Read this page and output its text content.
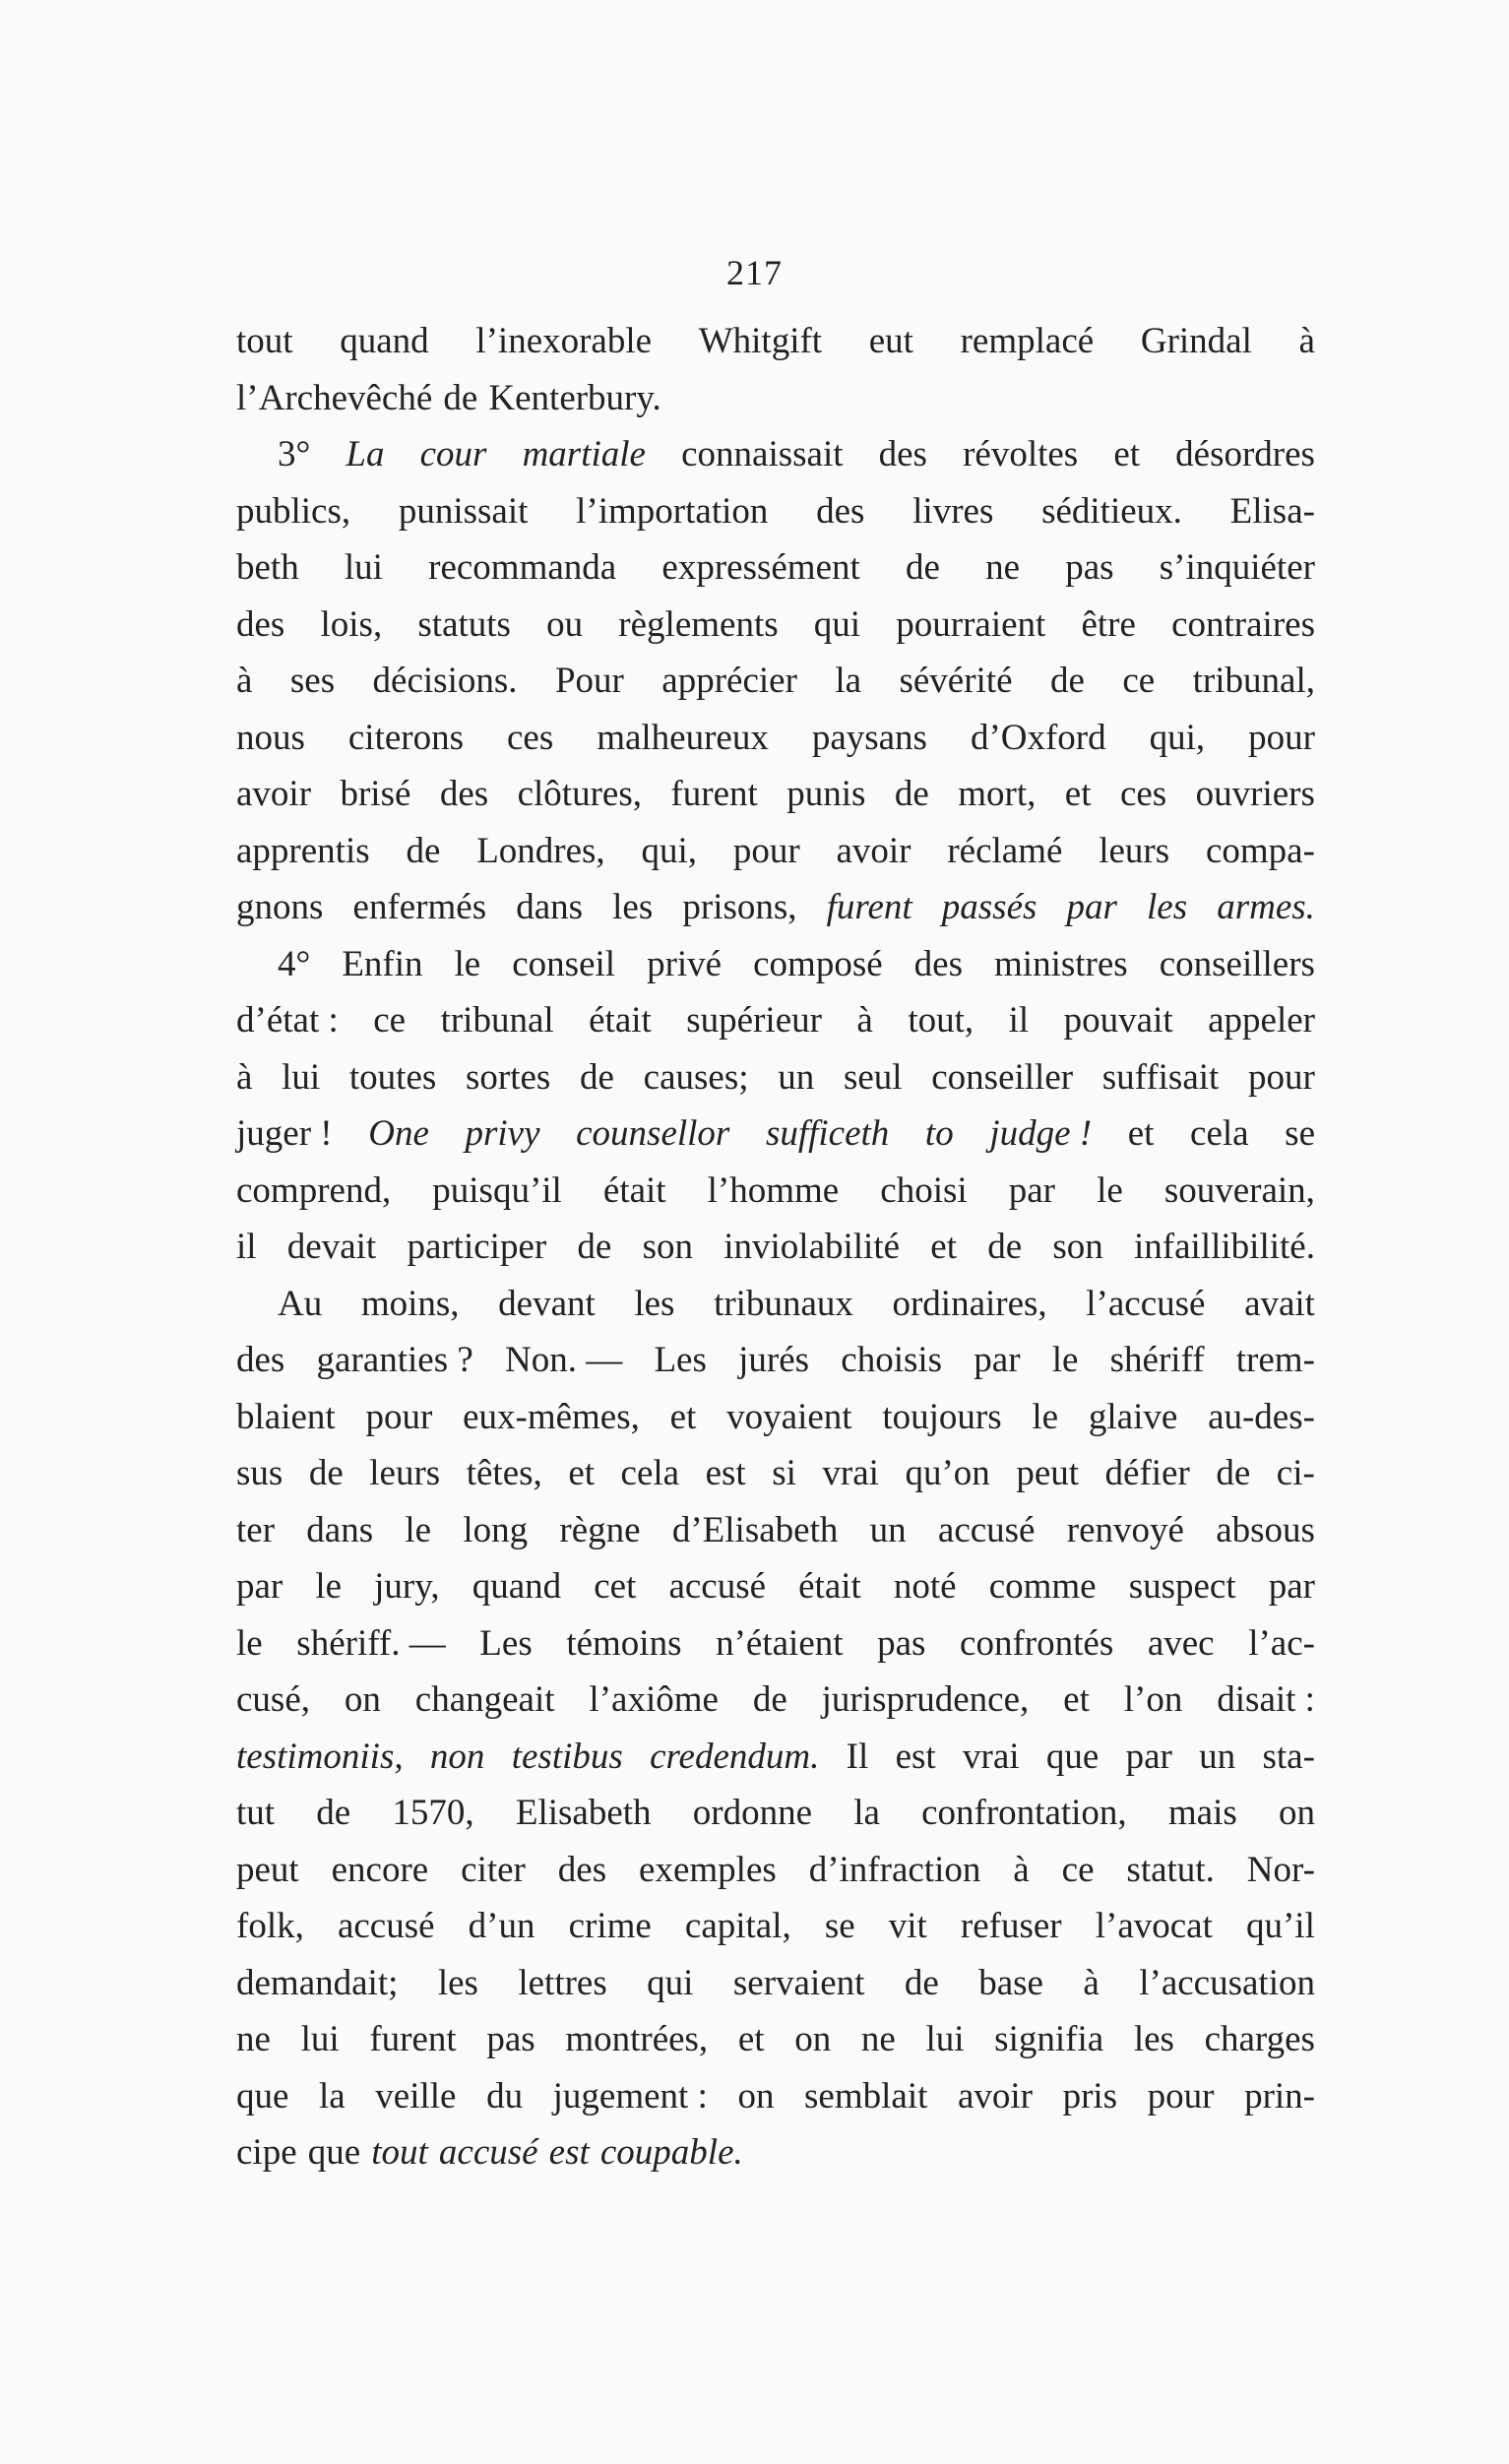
217
tout quand l’inexorable Whitgift eut remplacé Grindal à
l’Archevêché de Kenterbury.
3° La cour martiale connaissait des révoltes et désordres
publics, punissait l’importation des livres séditieux. Elisa-
beth lui recommanda expressément de ne pas s’inquiéter
des lois, statuts ou règlements qui pourraient être contraires
à ses décisions. Pour apprécier la sévérité de ce tribunal,
nous citerons ces malheureux paysans d’Oxford qui, pour
avoir brisé des clôtures, furent punis de mort, et ces ouvriers
apprentis de Londres, qui, pour avoir réclamé leurs compa-
gnons enfermés dans les prisons, furent passés par les armes.
4° Enfin le conseil privé composé des ministres conseillers
d’état : ce tribunal était supérieur à tout, il pouvait appeler
à lui toutes sortes de causes; un seul conseiller suffisait pour
juger ! One privy counsellor sufficeth to judge ! et cela se
comprend, puisqu’il était l’homme choisi par le souverain,
il devait participer de son inviolabilité et de son infaillibilité.
Au moins, devant les tribunaux ordinaires, l’accusé avait
des garanties ? Non. — Les jurés choisis par le shériff trem-
blaient pour eux-mêmes, et voyaient toujours le glaive au-des-
sus de leurs têtes, et cela est si vrai qu’on peut défier de ci-
ter dans le long règne d’Elisabeth un accusé renvoyé absous
par le jury, quand cet accusé était noté comme suspect par
le shériff. — Les témoins n’étaient pas confrontés avec l’ac-
cusé, on changeait l’axiôme de jurisprudence, et l’on disait :
testimoniis, non testibus credendum. Il est vrai que par un sta-
tut de 1570, Elisabeth ordonne la confrontation, mais on
peut encore citer des exemples d’infraction à ce statut. Nor-
folk, accusé d’un crime capital, se vit refuser l’avocat qu’il
demandait; les lettres qui servaient de base à l’accusation
ne lui furent pas montrées, et on ne lui signifia les charges
que la veille du jugement : on semblait avoir pris pour prin-
cipe que tout accusé est coupable.
